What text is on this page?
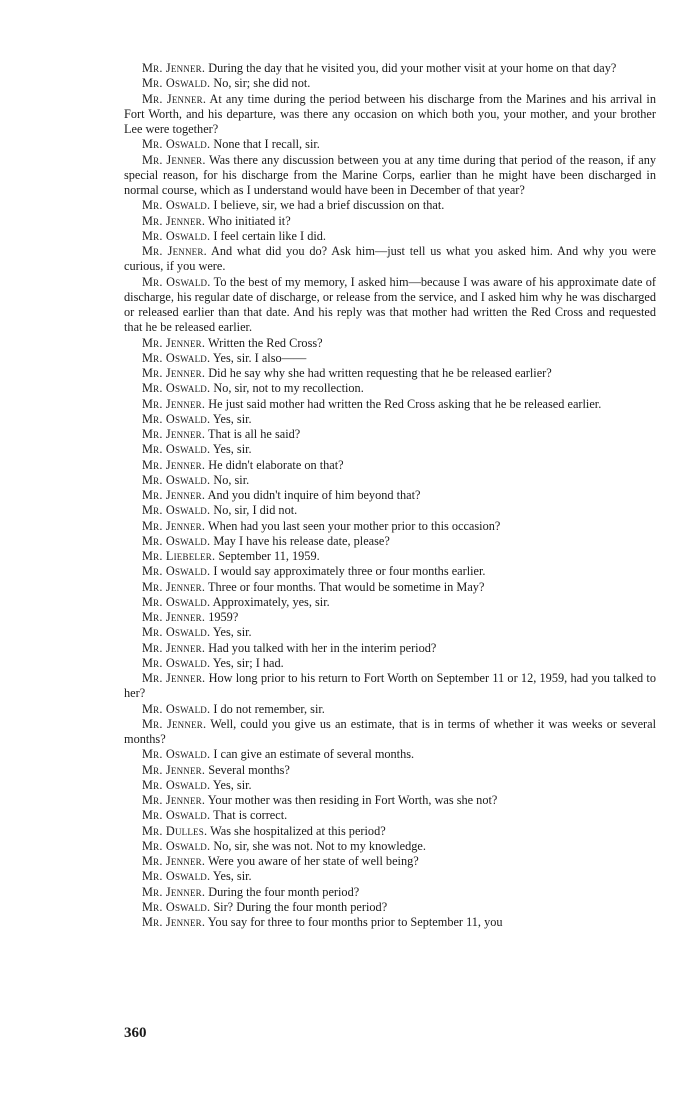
Mr. Jenner. During the day that he visited you, did your mother visit at your home on that day?

Mr. Oswald. No, sir; she did not.

Mr. Jenner. At any time during the period between his discharge from the Marines and his arrival in Fort Worth, and his departure, was there any occasion on which both you, your mother, and your brother Lee were together?

Mr. Oswald. None that I recall, sir.

Mr. Jenner. Was there any discussion between you at any time during that period of the reason, if any special reason, for his discharge from the Marine Corps, earlier than he might have been discharged in normal course, which as I understand would have been in December of that year?

Mr. Oswald. I believe, sir, we had a brief discussion on that.

Mr. Jenner. Who initiated it?

Mr. Oswald. I feel certain like I did.

Mr. Jenner. And what did you do? Ask him—just tell us what you asked him. And why you were curious, if you were.

Mr. Oswald. To the best of my memory, I asked him—because I was aware of his approximate date of discharge, his regular date of discharge, or release from the service, and I asked him why he was discharged or released earlier than that date. And his reply was that mother had written the Red Cross and requested that he be released earlier.

Mr. Jenner. Written the Red Cross?

Mr. Oswald. Yes, sir. I also——

Mr. Jenner. Did he say why she had written requesting that he be released earlier?

Mr. Oswald. No, sir, not to my recollection.

Mr. Jenner. He just said mother had written the Red Cross asking that he be released earlier.

Mr. Oswald. Yes, sir.

Mr. Jenner. That is all he said?

Mr. Oswald. Yes, sir.

Mr. Jenner. He didn't elaborate on that?

Mr. Oswald. No, sir.

Mr. Jenner. And you didn't inquire of him beyond that?

Mr. Oswald. No, sir, I did not.

Mr. Jenner. When had you last seen your mother prior to this occasion?

Mr. Oswald. May I have his release date, please?

Mr. Liebeler. September 11, 1959.

Mr. Oswald. I would say approximately three or four months earlier.

Mr. Jenner. Three or four months. That would be sometime in May?

Mr. Oswald. Approximately, yes, sir.

Mr. Jenner. 1959?

Mr. Oswald. Yes, sir.

Mr. Jenner. Had you talked with her in the interim period?

Mr. Oswald. Yes, sir; I had.

Mr. Jenner. How long prior to his return to Fort Worth on September 11 or 12, 1959, had you talked to her?

Mr. Oswald. I do not remember, sir.

Mr. Jenner. Well, could you give us an estimate, that is in terms of whether it was weeks or several months?

Mr. Oswald. I can give an estimate of several months.

Mr. Jenner. Several months?

Mr. Oswald. Yes, sir.

Mr. Jenner. Your mother was then residing in Fort Worth, was she not?

Mr. Oswald. That is correct.

Mr. Dulles. Was she hospitalized at this period?

Mr. Oswald. No, sir, she was not. Not to my knowledge.

Mr. Jenner. Were you aware of her state of well being?

Mr. Oswald. Yes, sir.

Mr. Jenner. During the four month period?

Mr. Oswald. Sir? During the four month period?

Mr. Jenner. You say for three to four months prior to September 11, you

360
